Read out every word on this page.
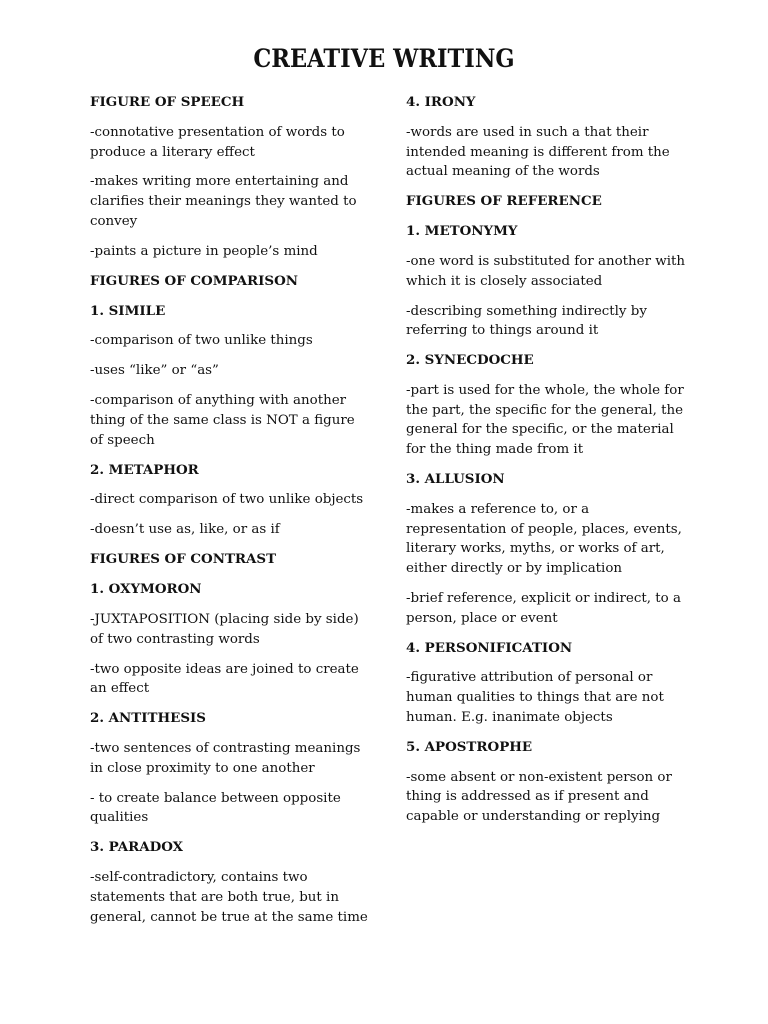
CREATIVE WRITING
FIGURE OF SPEECH
-connotative presentation of words to produce a literary effect
-makes writing more entertaining and clarifies their meanings they wanted to convey
-paints a picture in people’s mind
FIGURES OF COMPARISON
1. SIMILE
-comparison of two unlike things
-uses “like” or “as”
-comparison of anything with another thing of the same class is NOT a figure of speech
2. METAPHOR
-direct comparison of two unlike objects
-doesn’t use as, like, or as if
FIGURES OF CONTRAST
1. OXYMORON
-JUXTAPOSITION (placing side by side) of two contrasting words
-two opposite ideas are joined to create an effect
2. ANTITHESIS
-two sentences of contrasting meanings in close proximity to one another
- to create balance between opposite qualities
3. PARADOX
-self-contradictory, contains two statements that are both true, but in general, cannot be true at the same time
4. IRONY
-words are used in such a that their intended meaning is different from the actual meaning of the words
FIGURES OF REFERENCE
1. METONYMY
-one word is substituted for another with which it is closely associated
-describing something indirectly by referring to things around it
2. SYNECDOCHE
-part is used for the whole, the whole for the part, the specific for the general, the general for the specific, or the material for the thing made from it
3. ALLUSION
-makes a reference to, or a representation of people, places, events, literary works, myths, or works of art, either directly or by implication
-brief reference, explicit or indirect, to a person, place or event
4. PERSONIFICATION
-figurative attribution of personal or human qualities to things that are not human. E.g. inanimate objects
5. APOSTROPHE
-some absent or non-existent person or thing is addressed as if present and capable or understanding or replying
